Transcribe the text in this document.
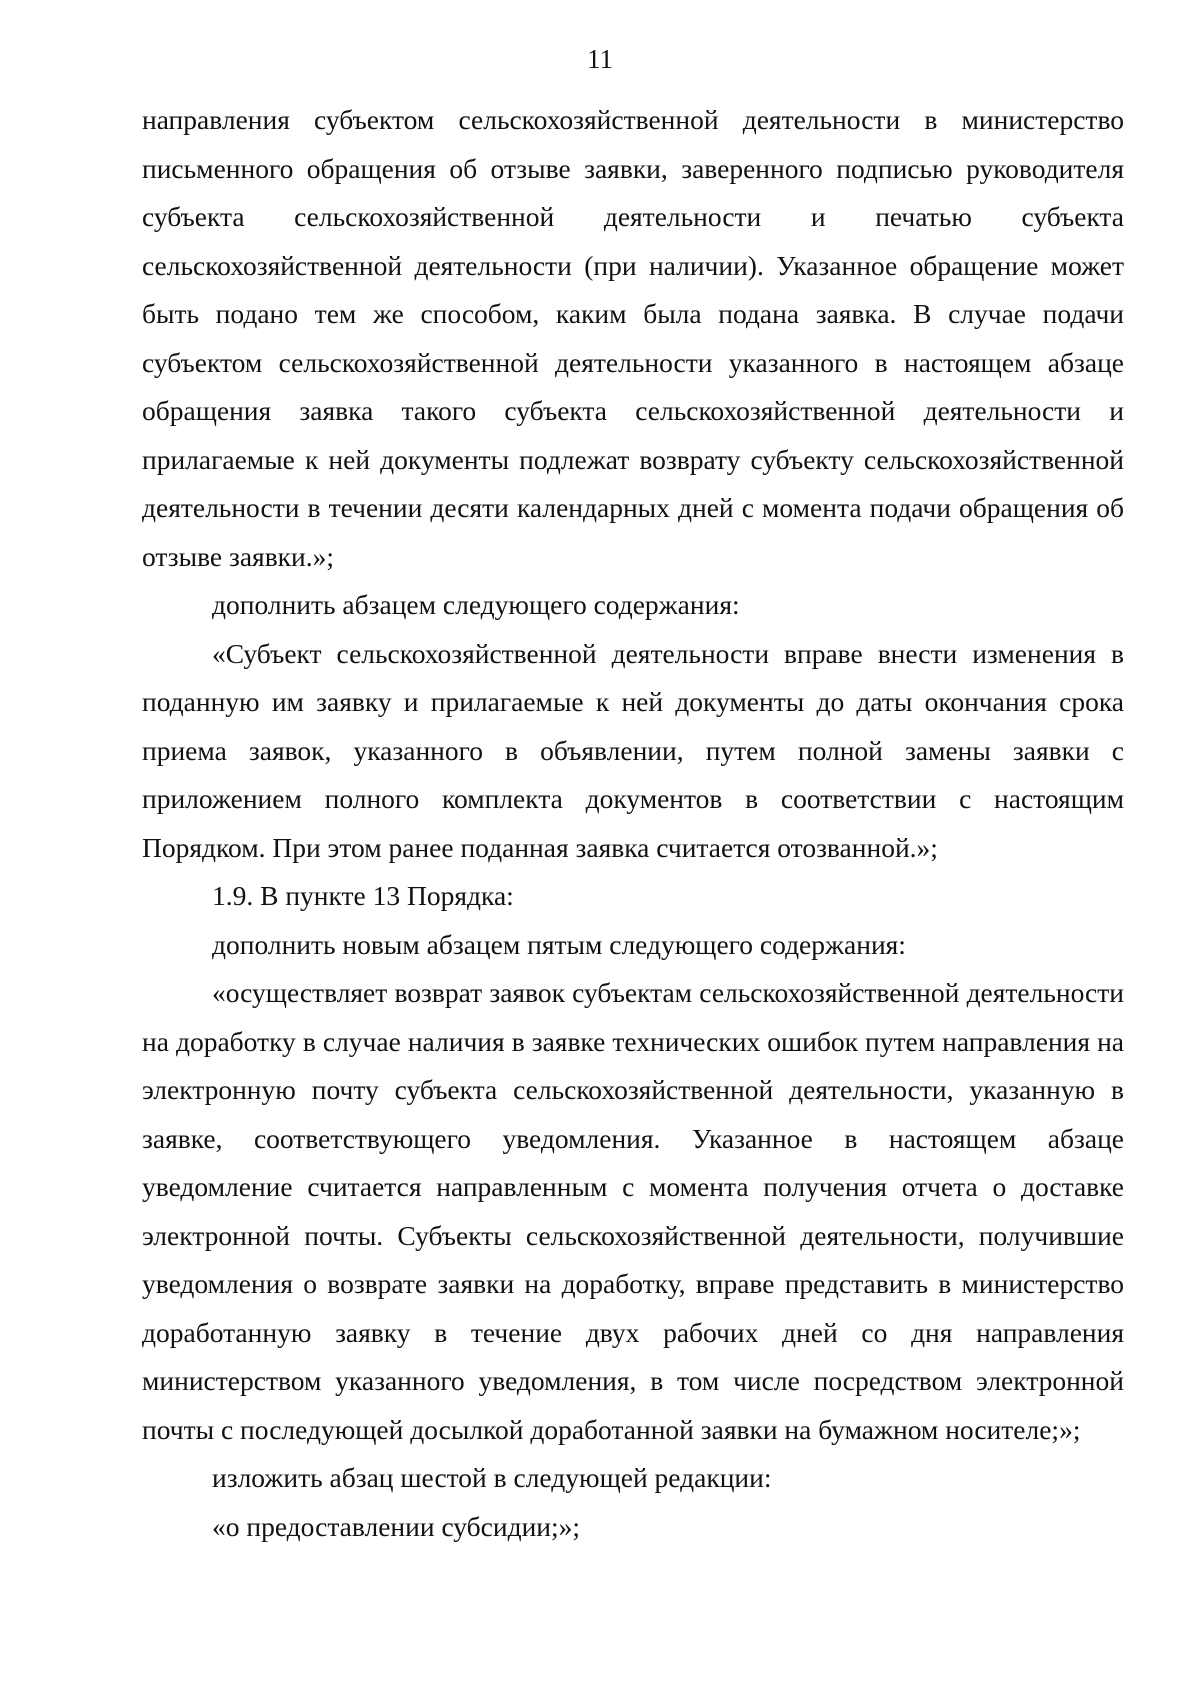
11

направления субъектом сельскохозяйственной деятельности в министерство письменного обращения об отзыве заявки, заверенного подписью руководителя субъекта сельскохозяйственной деятельности и печатью субъекта сельскохозяйственной деятельности (при наличии). Указанное обращение может быть подано тем же способом, каким была подана заявка. В случае подачи субъектом сельскохозяйственной деятельности указанного в настоящем абзаце обращения заявка такого субъекта сельскохозяйственной деятельности и прилагаемые к ней документы подлежат возврату субъекту сельскохозяйственной деятельности в течении десяти календарных дней с момента подачи обращения об отзыве заявки.»;

дополнить абзацем следующего содержания:

«Субъект сельскохозяйственной деятельности вправе внести изменения в поданную им заявку и прилагаемые к ней документы до даты окончания срока приема заявок, указанного в объявлении, путем полной замены заявки с приложением полного комплекта документов в соответствии с настоящим Порядком. При этом ранее поданная заявка считается отозванной.»;

1.9. В пункте 13 Порядка:

дополнить новым абзацем пятым следующего содержания:

«осуществляет возврат заявок субъектам сельскохозяйственной деятельности на доработку в случае наличия в заявке технических ошибок путем направления на электронную почту субъекта сельскохозяйственной деятельности, указанную в заявке, соответствующего уведомления. Указанное в настоящем абзаце уведомление считается направленным с момента получения отчета о доставке электронной почты. Субъекты сельскохозяйственной деятельности, получившие уведомления о возврате заявки на доработку, вправе представить в министерство доработанную заявку в течение двух рабочих дней со дня направления министерством указанного уведомления, в том числе посредством электронной почты с последующей досылкой доработанной заявки на бумажном носителе;»;

изложить абзац шестой в следующей редакции:

«о предоставлении субсидии;»;
